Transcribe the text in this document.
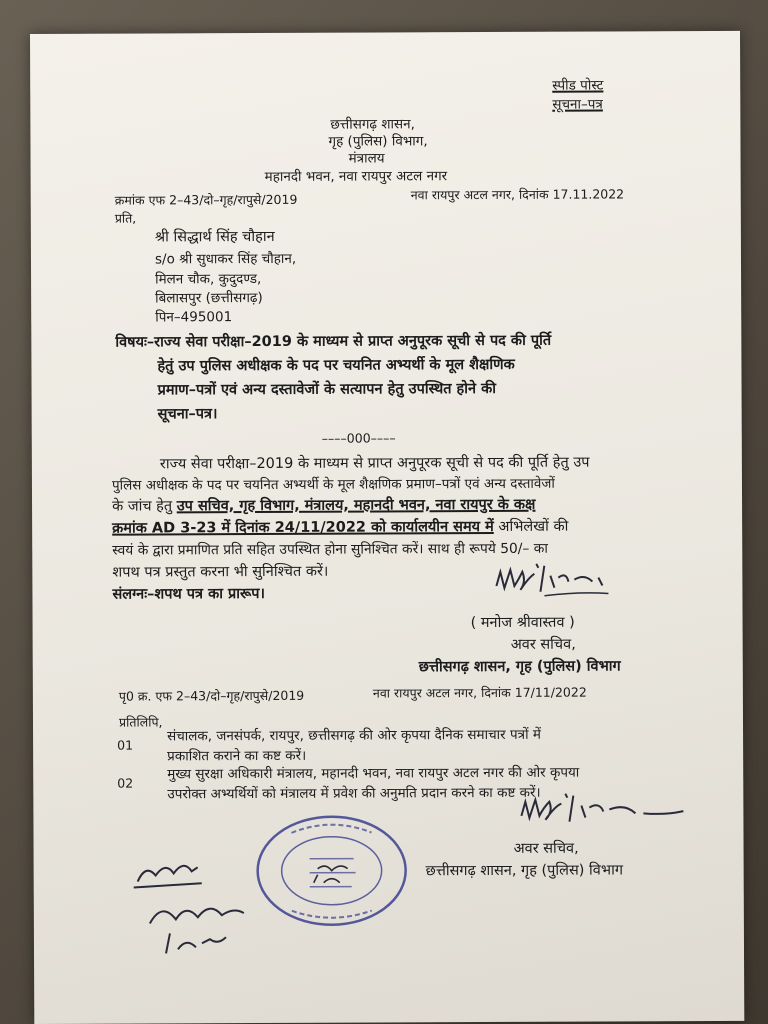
स्पीड पोस्ट
सूचना–पत्र
छत्तीसगढ़ शासन,
गृह (पुलिस) विभाग,
मंत्रालय
महानदी भवन, नवा रायपुर अटल नगर
क्रमांक एफ 2–43/दो–गृह/रापुसे/2019	नवा रायपुर अटल नगर, दिनांक 17.11.2022
प्रति,
श्री सिद्धार्थ सिंह चौहान
s/o श्री सुधाकर सिंह चौहान,
मिलन चौक, कुदुदण्ड,
बिलासपुर (छत्तीसगढ़)
पिन–495001
विषयः–राज्य सेवा परीक्षा–2019 के माध्यम से प्राप्त अनुपूरक सूची से पद की पूर्ति
हेतुं उप पुलिस अधीक्षक के पद पर चयनित अभ्यर्थी के मूल शैक्षणिक
प्रमाण–पत्रों एवं अन्य दस्तावेजों के सत्यापन हेतु उपस्थित होने की
सूचना–पत्र।
––––000––––
राज्य सेवा परीक्षा–2019 के माध्यम से प्राप्त अनुपूरक सूची से पद की पूर्ति हेतु उप
पुलिस अधीक्षक के पद पर चयनित अभ्यर्थी के मूल शैक्षणिक प्रमाण–पत्रों एवं अन्य दस्तावेजों
के जांच हेतु उप सचिव, गृह विभाग, मंत्रालय, महानदी भवन, नवा रायपुर के कक्ष
क्रमांक AD 3-23 में दिनांक 24/11/2022 को कार्यालयीन समय में अभिलेखों की
स्वयं के द्वारा प्रमाणित प्रति सहित उपस्थित होना सुनिश्चित करें। साथ ही रूपये 50/– का
शपथ पत्र प्रस्तुत करना भी सुनिश्चित करें।
संलग्नः–शपथ पत्र का प्रारूप।
( मनोज श्रीवास्तव )
अवर सचिव,
छत्तीसगढ़ शासन, गृह (पुलिस) विभाग
पृ0 क्र. एफ 2–43/दो–गृह/रापुसे/2019	नवा रायपुर अटल नगर, दिनांक 17/11/2022
प्रतिलिपि,
01
संचालक, जनसंपर्क, रायपुर, छत्तीसगढ़ की ओर कृपया दैनिक समाचार पत्रों में
प्रकाशित कराने का कष्ट करें।
02
मुख्य सुरक्षा अधिकारी मंत्रालय, महानदी भवन, नवा रायपुर अटल नगर की ओर कृपया
उपरोक्त अभ्यर्थियों को मंत्रालय में प्रवेश की अनुमति प्रदान करने का कष्ट करें।
अवर सचिव,
छत्तीसगढ़ शासन, गृह (पुलिस) विभाग
